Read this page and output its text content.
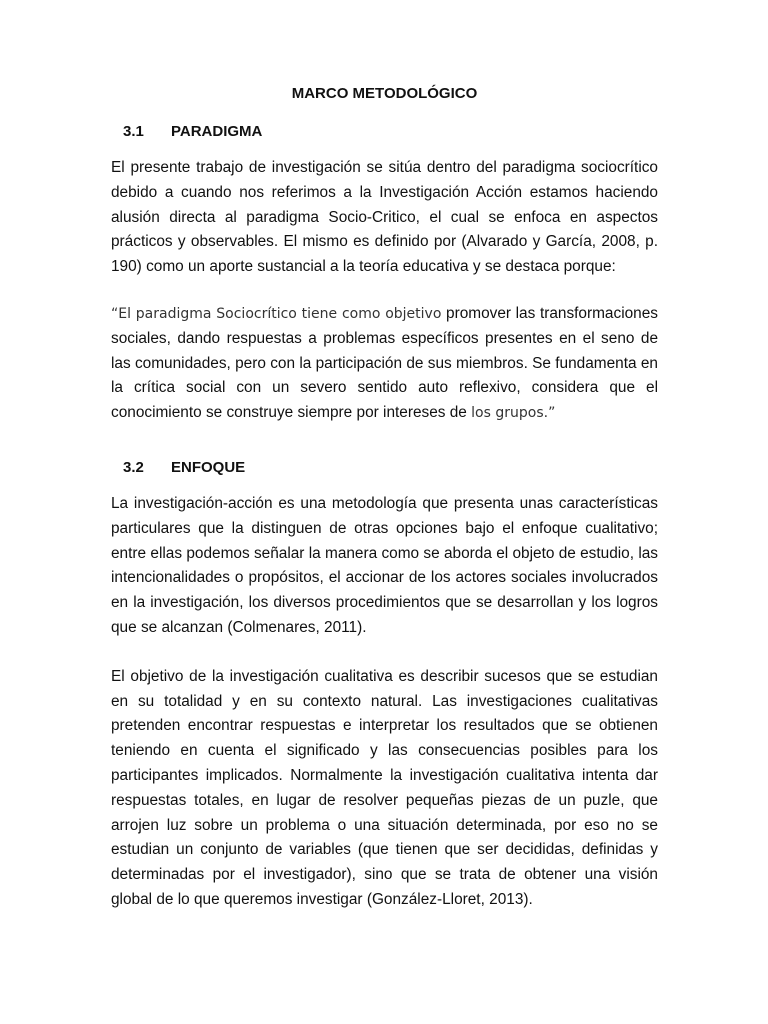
MARCO METODOLÓGICO
3.1	PARADIGMA

El presente trabajo de investigación se sitúa dentro del paradigma sociocrítico debido a cuando nos referimos a la Investigación Acción estamos haciendo alusión directa al paradigma Socio-Critico, el cual se enfoca en aspectos prácticos y observables. El mismo es definido por (Alvarado y García, 2008, p. 190) como un aporte sustancial a la teoría educativa y se destaca porque:

“El paradigma Sociocrítico tiene como objetivo promover las transformaciones sociales, dando respuestas a problemas específicos presentes en el seno de las comunidades, pero con la participación de sus miembros. Se fundamenta en la crítica social con un severo sentido auto reflexivo, considera que el conocimiento se construye siempre por intereses de los grupos.”

3.2	ENFOQUE

La investigación-acción es una metodología que presenta unas características particulares que la distinguen de otras opciones bajo el enfoque cualitativo; entre ellas podemos señalar la manera como se aborda el objeto de estudio, las intencionalidades o propósitos, el accionar de los actores sociales involucrados en la investigación, los diversos procedimientos que se desarrollan y los logros que se alcanzan (Colmenares, 2011).

El objetivo de la investigación cualitativa es describir sucesos que se estudian en su totalidad y en su contexto natural. Las investigaciones cualitativas pretenden encontrar respuestas e interpretar los resultados que se obtienen teniendo en cuenta el significado y las consecuencias posibles para los participantes implicados. Normalmente la investigación cualitativa intenta dar respuestas totales, en lugar de resolver pequeñas piezas de un puzle, que arrojen luz sobre un problema o una situación determinada, por eso no se estudian un conjunto de variables (que tienen que ser decididas, definidas y determinadas por el investigador), sino que se trata de obtener una visión global de lo que queremos investigar (González-Lloret, 2013).
